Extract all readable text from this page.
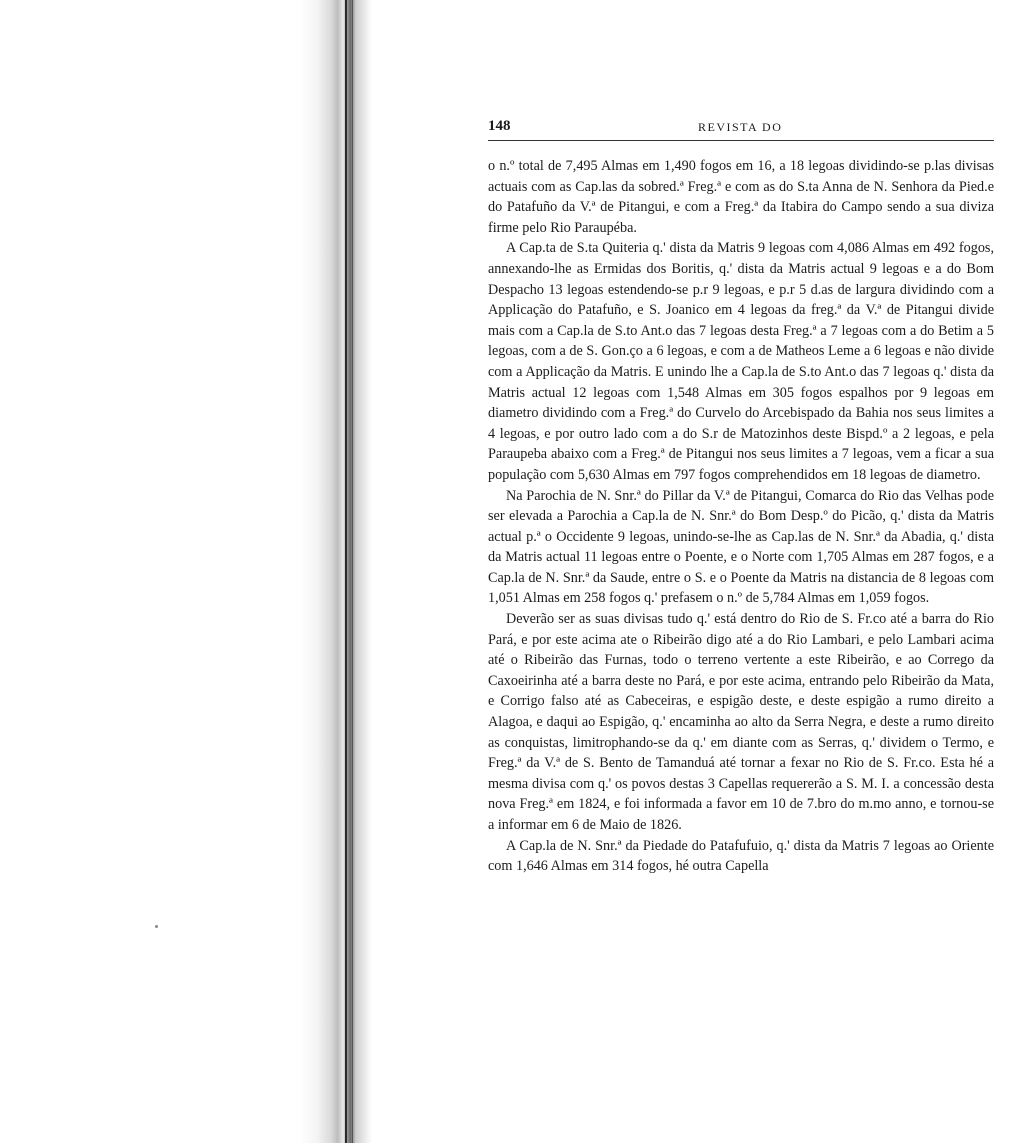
148	REVISTA DO

o n.º total de 7,495 Almas em 1,490 fogos em 16, a 18 legoas dividindo-se p.las divisas actuais com as Cap.las da sobred.ª Freg.ª e com as do S.ta Anna de N. Senhora da Pied.e do Patafuño da V.ª de Pitangui, e com a Freg.ª da Itabira do Campo sendo a sua diviza firme pelo Rio Paraupéba.

A Cap.ta de S.ta Quiteria q.' dista da Matris 9 legoas com 4,086 Almas em 492 fogos, annexando-lhe as Ermidas dos Boritis, q.' dista da Matris actual 9 legoas e a do Bom Despacho 13 legoas estendendo-se p.r 9 legoas, e p.r 5 d.as de largura dividindo com a Applicação do Patafuño, e S. Joanico em 4 legoas da freg.ª da V.ª de Pitangui divide mais com a Cap.la de S.to Ant.o das 7 legoas desta Freg.ª a 7 legoas com a do Betim a 5 legoas, com a de S. Gon.ço a 6 legoas, e com a de Matheos Leme a 6 legoas e não divide com a Applicação da Matris. E unindo lhe a Cap.la de S.to Ant.o das 7 legoas q.' dista da Matris actual 12 legoas com 1,548 Almas em 305 fogos espalhos por 9 legoas em diametro dividindo com a Freg.ª do Curvelo do Arcebispado da Bahia nos seus limites a 4 legoas, e por outro lado com a do S.r de Matozinhos deste Bispd.º a 2 legoas, e pela Paraupeba abaixo com a Freg.ª de Pitangui nos seus limites a 7 legoas, vem a ficar a sua população com 5,630 Almas em 797 fogos comprehendidos em 18 legoas de diametro.

Na Parochia de N. Snr.ª do Pillar da V.ª de Pitangui, Comarca do Rio das Velhas pode ser elevada a Parochia a Cap.la de N. Snr.ª do Bom Desp.º do Picão, q.' dista da Matris actual p.ª o Occidente 9 legoas, unindo-se-lhe as Cap.las de N. Snr.ª da Abadia, q.' dista da Matris actual 11 legoas entre o Poente, e o Norte com 1,705 Almas em 287 fogos, e a Cap.la de N. Snr.ª da Saude, entre o S. e o Poente da Matris na distancia de 8 legoas com 1,051 Almas em 258 fogos q.' prefasem o n.º de 5,784 Almas em 1,059 fogos.

Deverão ser as suas divisas tudo q.' está dentro do Rio de S. Fr.co até a barra do Rio Pará, e por este acima ate o Ribeirão digo até a do Rio Lambari, e pelo Lambari acima até o Ribeirão das Furnas, todo o terreno vertente a este Ribeirão, e ao Corrego da Caxoeirinha até a barra deste no Pará, e por este acima, entrando pelo Ribeirão da Mata, e Corrigo falso até as Cabeceiras, e espigão deste, e deste espigão a rumo direito a Alagoa, e daqui ao Espigão, q.' encaminha ao alto da Serra Negra, e deste a rumo direito as conquistas, limitrophando-se da q.' em diante com as Serras, q.' dividem o Termo, e Freg.ª da V.ª de S. Bento de Tamanduá até tornar a fexar no Rio de S. Fr.co. Esta hé a mesma divisa com q.' os povos destas 3 Capellas requererão a S. M. I. a concessão desta nova Freg.ª em 1824, e foi informada a favor em 10 de 7.bro do m.mo anno, e tornou-se a informar em 6 de Maio de 1826.

A Cap.la de N. Snr.ª da Piedade do Patafufuio, q.' dista da Matris 7 legoas ao Oriente com 1,646 Almas em 314 fogos, hé outra Capella
